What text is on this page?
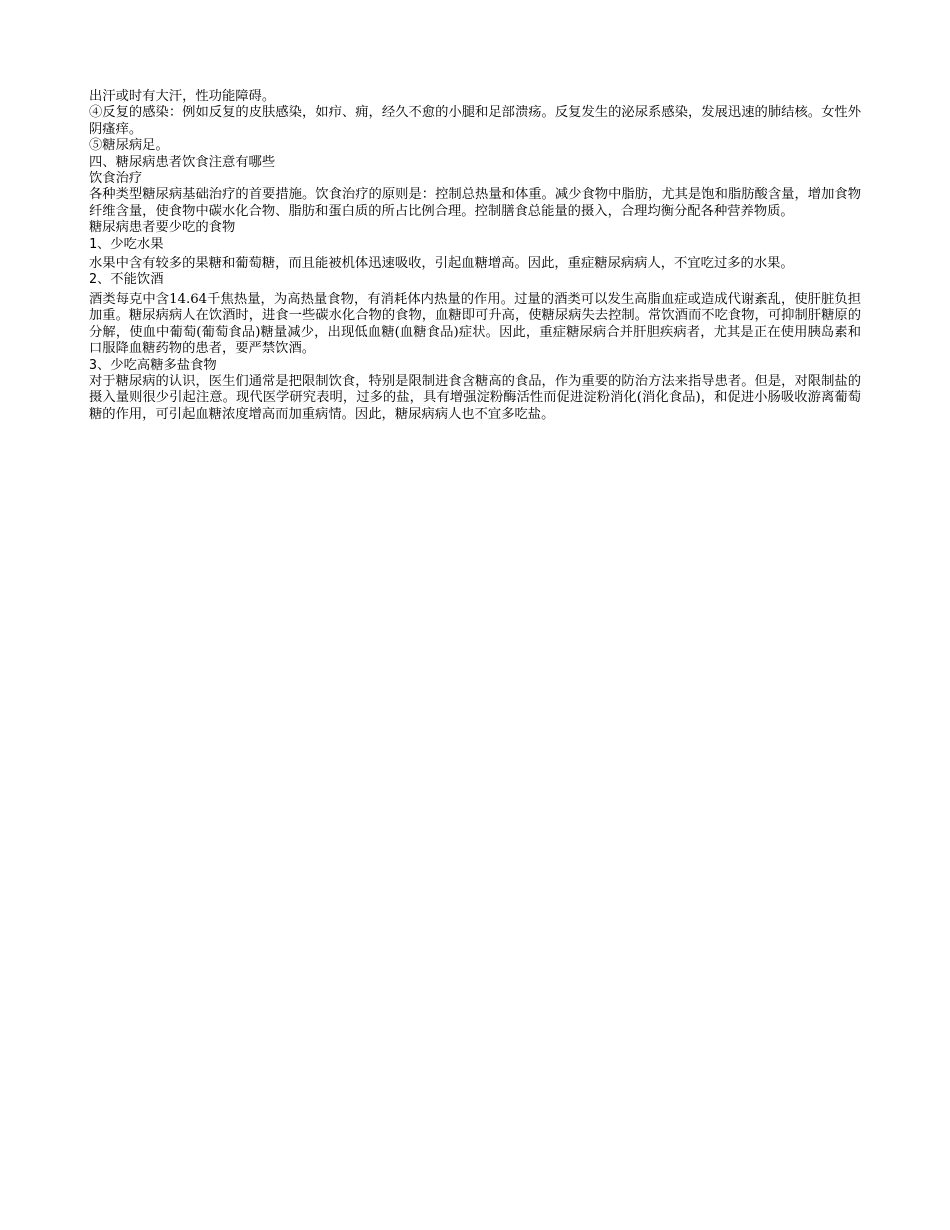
出汗或时有大汗，性功能障碍。

④反复的感染：例如反复的皮肤感染，如疖、痈，经久不愈的小腿和足部溃疡。反复发生的泌尿系感染，发展迅速的肺结核。女性外阴瘙痒。

⑤糖尿病足。

四、糖尿病患者饮食注意有哪些

饮食治疗

各种类型糖尿病基础治疗的首要措施。饮食治疗的原则是：控制总热量和体重。减少食物中脂肪，尤其是饱和脂肪酸含量，增加食物纤维含量，使食物中碳水化合物、脂肪和蛋白质的所占比例合理。控制膳食总能量的摄入，合理均衡分配各种营养物质。

糖尿病患者要少吃的食物

1、少吃水果

水果中含有较多的果糖和葡萄糖，而且能被机体迅速吸收，引起血糖增高。因此，重症糖尿病病人，不宜吃过多的水果。

2、不能饮酒

酒类每克中含14.64千焦热量，为高热量食物，有消耗体内热量的作用。过量的酒类可以发生高脂血症或造成代谢紊乱，使肝脏负担加重。糖尿病病人在饮酒时，进食一些碳水化合物的食物，血糖即可升高，使糖尿病失去控制。常饮酒而不吃食物，可抑制肝糖原的分解，使血中葡萄(葡萄食品)糖量减少，出现低血糖(血糖食品)症状。因此，重症糖尿病合并肝胆疾病者，尤其是正在使用胰岛素和口服降血糖药物的患者，要严禁饮酒。

3、少吃高糖多盐食物

对于糖尿病的认识，医生们通常是把限制饮食，特别是限制进食含糖高的食品，作为重要的防治方法来指导患者。但是，对限制盐的摄入量则很少引起注意。现代医学研究表明，过多的盐，具有增强淀粉酶活性而促进淀粉消化(消化食品)，和促进小肠吸收游离葡萄糖的作用，可引起血糖浓度增高而加重病情。因此，糖尿病病人也不宜多吃盐。
